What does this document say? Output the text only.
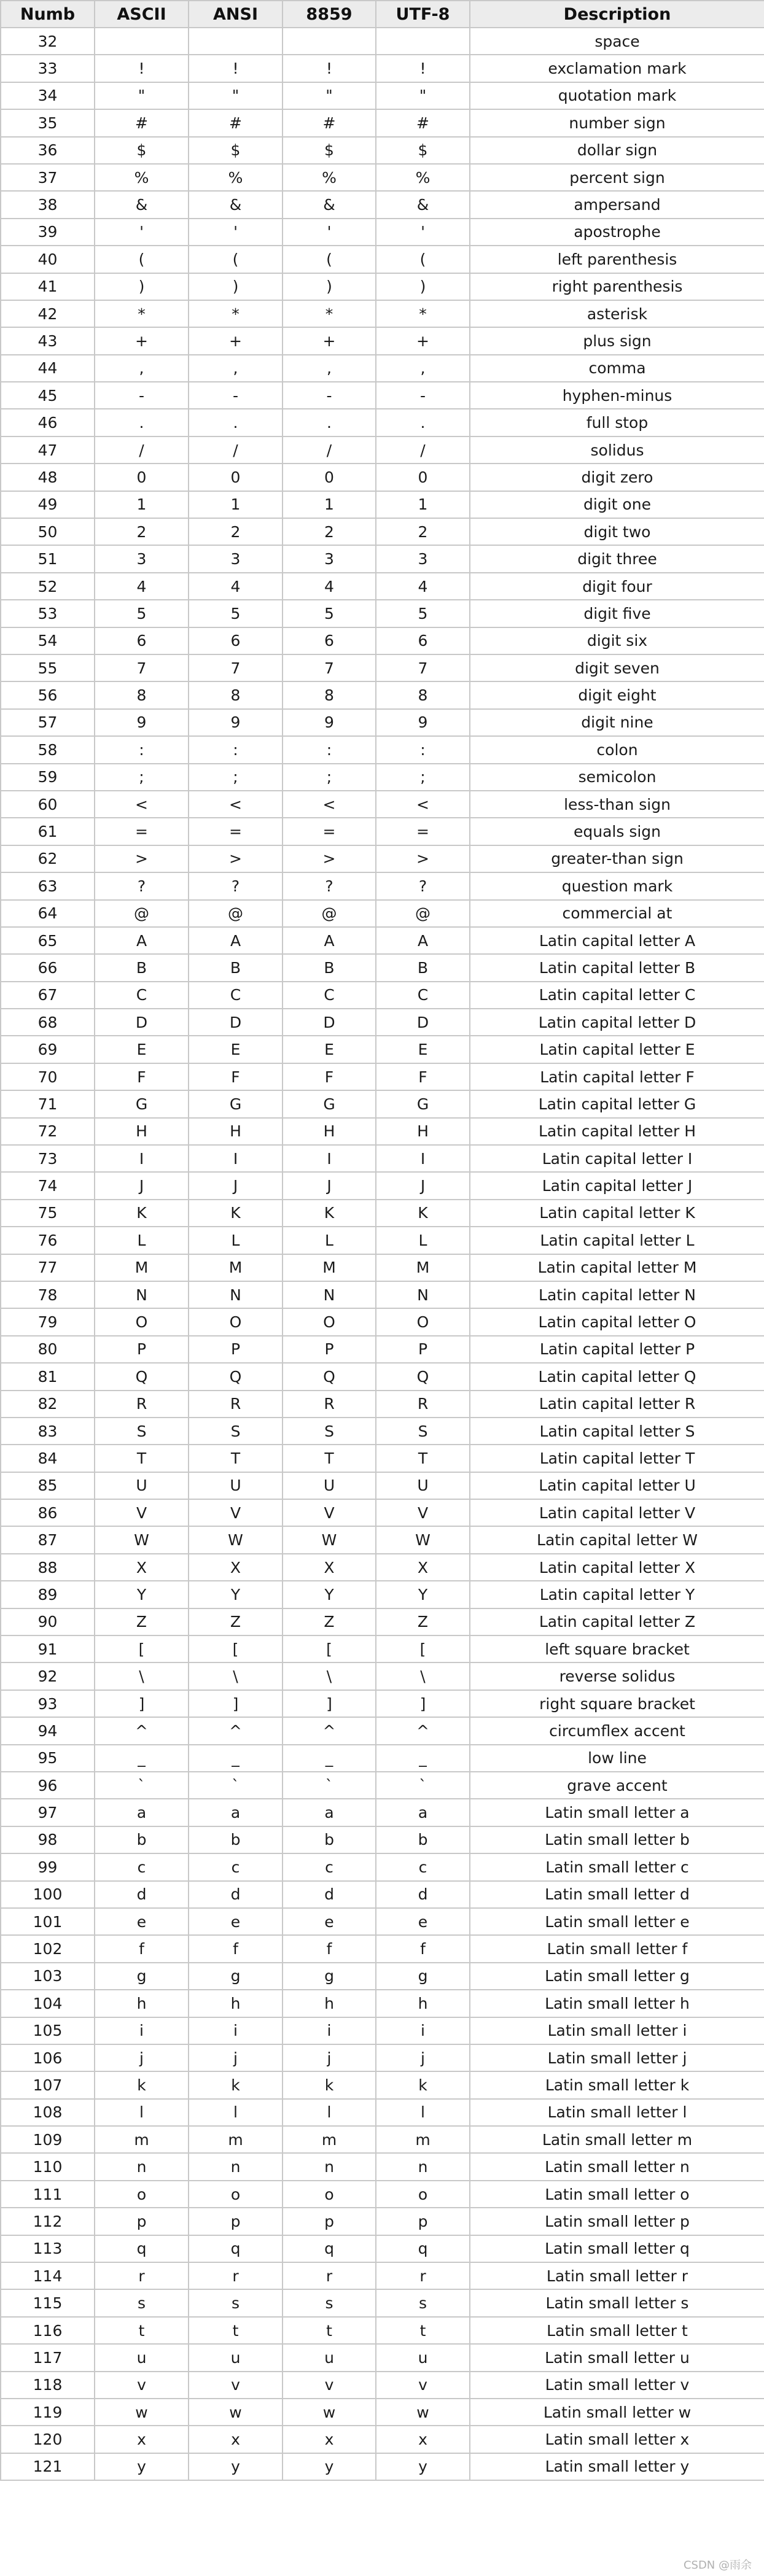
Numb	ASCII	ANSI	8859	UTF-8	Description
32					space
33	!	!	!	!	exclamation mark
34	"	"	"	"	quotation mark
35	#	#	#	#	number sign
36	$	$	$	$	dollar sign
37	%	%	%	%	percent sign
38	&	&	&	&	ampersand
39	'	'	'	'	apostrophe
40	(	(	(	(	left parenthesis
41	)	)	)	)	right parenthesis
42	*	*	*	*	asterisk
43	+	+	+	+	plus sign
44	,	,	,	,	comma
45	-	-	-	-	hyphen-minus
46	.	.	.	.	full stop
47	/	/	/	/	solidus
48	0	0	0	0	digit zero
49	1	1	1	1	digit one
50	2	2	2	2	digit two
51	3	3	3	3	digit three
52	4	4	4	4	digit four
53	5	5	5	5	digit five
54	6	6	6	6	digit six
55	7	7	7	7	digit seven
56	8	8	8	8	digit eight
57	9	9	9	9	digit nine
58	:	:	:	:	colon
59	;	;	;	;	semicolon
60	<	<	<	<	less-than sign
61	=	=	=	=	equals sign
62	>	>	>	>	greater-than sign
63	?	?	?	?	question mark
64	@	@	@	@	commercial at
65	A	A	A	A	Latin capital letter A
66	B	B	B	B	Latin capital letter B
67	C	C	C	C	Latin capital letter C
68	D	D	D	D	Latin capital letter D
69	E	E	E	E	Latin capital letter E
70	F	F	F	F	Latin capital letter F
71	G	G	G	G	Latin capital letter G
72	H	H	H	H	Latin capital letter H
73	I	I	I	I	Latin capital letter I
74	J	J	J	J	Latin capital letter J
75	K	K	K	K	Latin capital letter K
76	L	L	L	L	Latin capital letter L
77	M	M	M	M	Latin capital letter M
78	N	N	N	N	Latin capital letter N
79	O	O	O	O	Latin capital letter O
80	P	P	P	P	Latin capital letter P
81	Q	Q	Q	Q	Latin capital letter Q
82	R	R	R	R	Latin capital letter R
83	S	S	S	S	Latin capital letter S
84	T	T	T	T	Latin capital letter T
85	U	U	U	U	Latin capital letter U
86	V	V	V	V	Latin capital letter V
87	W	W	W	W	Latin capital letter W
88	X	X	X	X	Latin capital letter X
89	Y	Y	Y	Y	Latin capital letter Y
90	Z	Z	Z	Z	Latin capital letter Z
91	[	[	[	[	left square bracket
92	\	\	\	\	reverse solidus
93	]	]	]	]	right square bracket
94	^	^	^	^	circumflex accent
95	_	_	_	_	low line
96	`	`	`	`	grave accent
97	a	a	a	a	Latin small letter a
98	b	b	b	b	Latin small letter b
99	c	c	c	c	Latin small letter c
100	d	d	d	d	Latin small letter d
101	e	e	e	e	Latin small letter e
102	f	f	f	f	Latin small letter f
103	g	g	g	g	Latin small letter g
104	h	h	h	h	Latin small letter h
105	i	i	i	i	Latin small letter i
106	j	j	j	j	Latin small letter j
107	k	k	k	k	Latin small letter k
108	l	l	l	l	Latin small letter l
109	m	m	m	m	Latin small letter m
110	n	n	n	n	Latin small letter n
111	o	o	o	o	Latin small letter o
112	p	p	p	p	Latin small letter p
113	q	q	q	q	Latin small letter q
114	r	r	r	r	Latin small letter r
115	s	s	s	s	Latin small letter s
116	t	t	t	t	Latin small letter t
117	u	u	u	u	Latin small letter u
118	v	v	v	v	Latin small letter v
119	w	w	w	w	Latin small letter w
120	x	x	x	x	Latin small letter x
121	y	y	y	y	Latin small letter y
CSDN @雨余
